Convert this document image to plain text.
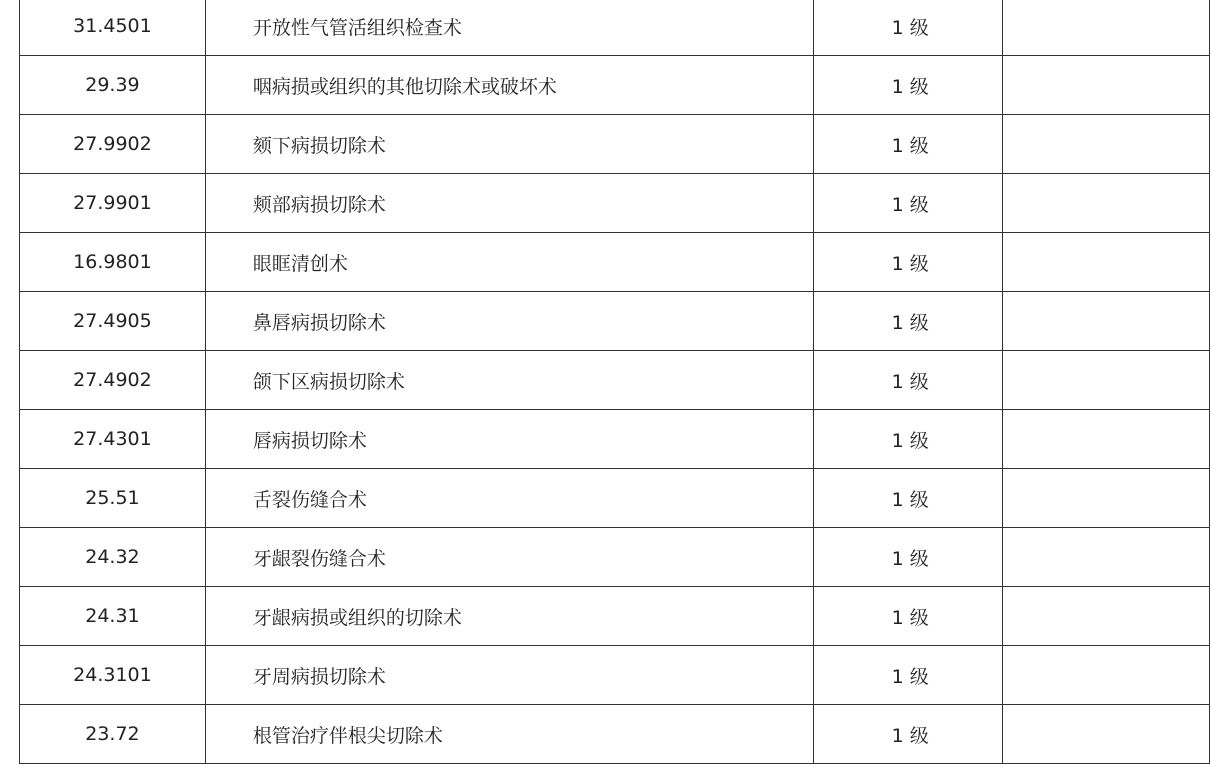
31.4501	开放性气管活组织检查术	1 级	
29.39	咽病损或组织的其他切除术或破坏术	1 级	
27.9902	颏下病损切除术	1 级	
27.9901	颊部病损切除术	1 级	
16.9801	眼眶清创术	1 级	
27.4905	鼻唇病损切除术	1 级	
27.4902	颌下区病损切除术	1 级	
27.4301	唇病损切除术	1 级	
25.51	舌裂伤缝合术	1 级	
24.32	牙龈裂伤缝合术	1 级	
24.31	牙龈病损或组织的切除术	1 级	
24.3101	牙周病损切除术	1 级	
23.72	根管治疗伴根尖切除术	1 级	
